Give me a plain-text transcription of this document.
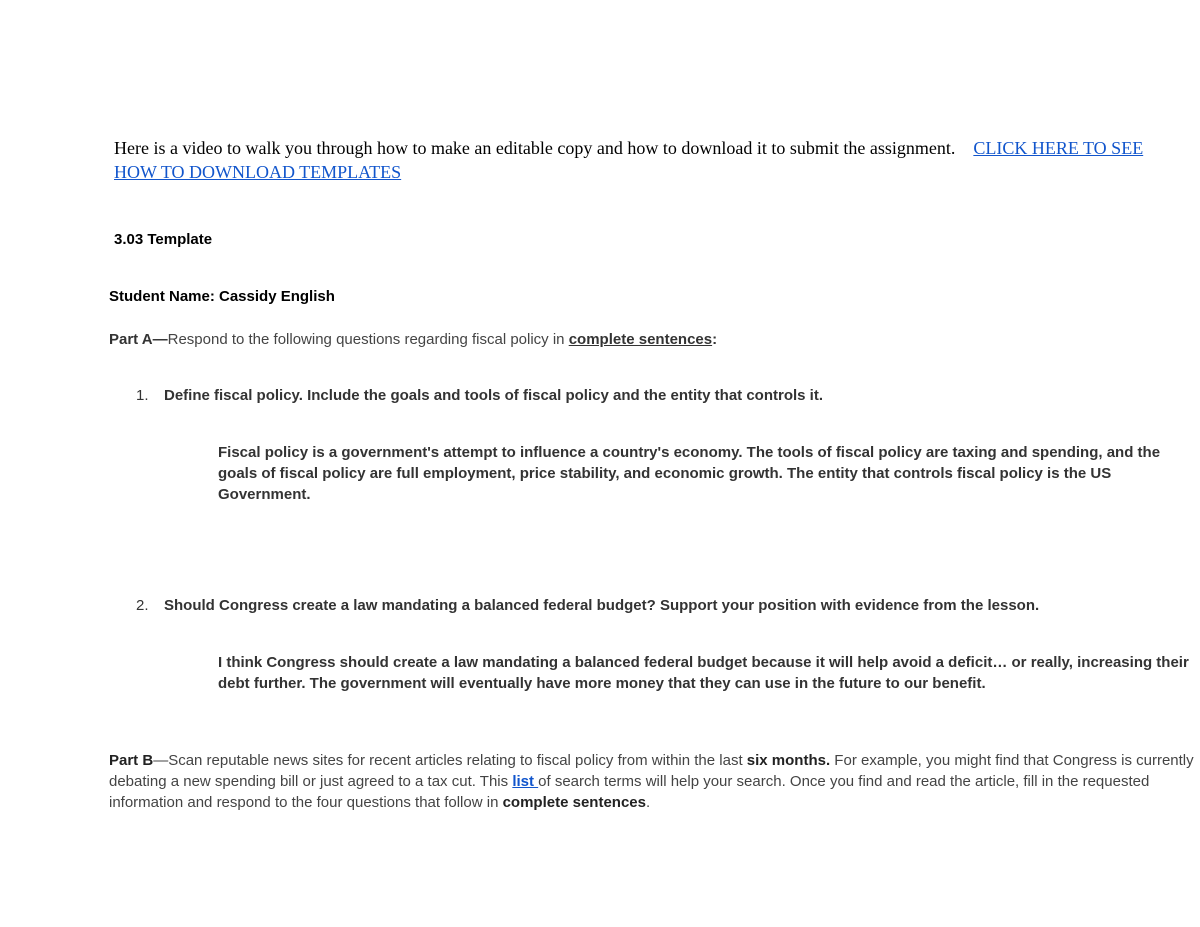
Here is a video to walk you through how to make an editable copy and how to download it to submit the assignment. CLICK HERE TO SEE HOW TO DOWNLOAD TEMPLATES
3.03 Template
Student Name: Cassidy English
Part A—Respond to the following questions regarding fiscal policy in complete sentences:
1. Define fiscal policy. Include the goals and tools of fiscal policy and the entity that controls it.
Fiscal policy is a government's attempt to influence a country's economy. The tools of fiscal policy are taxing and spending, and the goals of fiscal policy are full employment, price stability, and economic growth. The entity that controls fiscal policy is the US Government.
2. Should Congress create a law mandating a balanced federal budget? Support your position with evidence from the lesson.
I think Congress should create a law mandating a balanced federal budget because it will help avoid a deficit… or really, increasing their debt further. The government will eventually have more money that they can use in the future to our benefit.
Part B—Scan reputable news sites for recent articles relating to fiscal policy from within the last six months. For example, you might find that Congress is currently debating a new spending bill or just agreed to a tax cut. This list of search terms will help your search. Once you find and read the article, fill in the requested information and respond to the four questions that follow in complete sentences.
